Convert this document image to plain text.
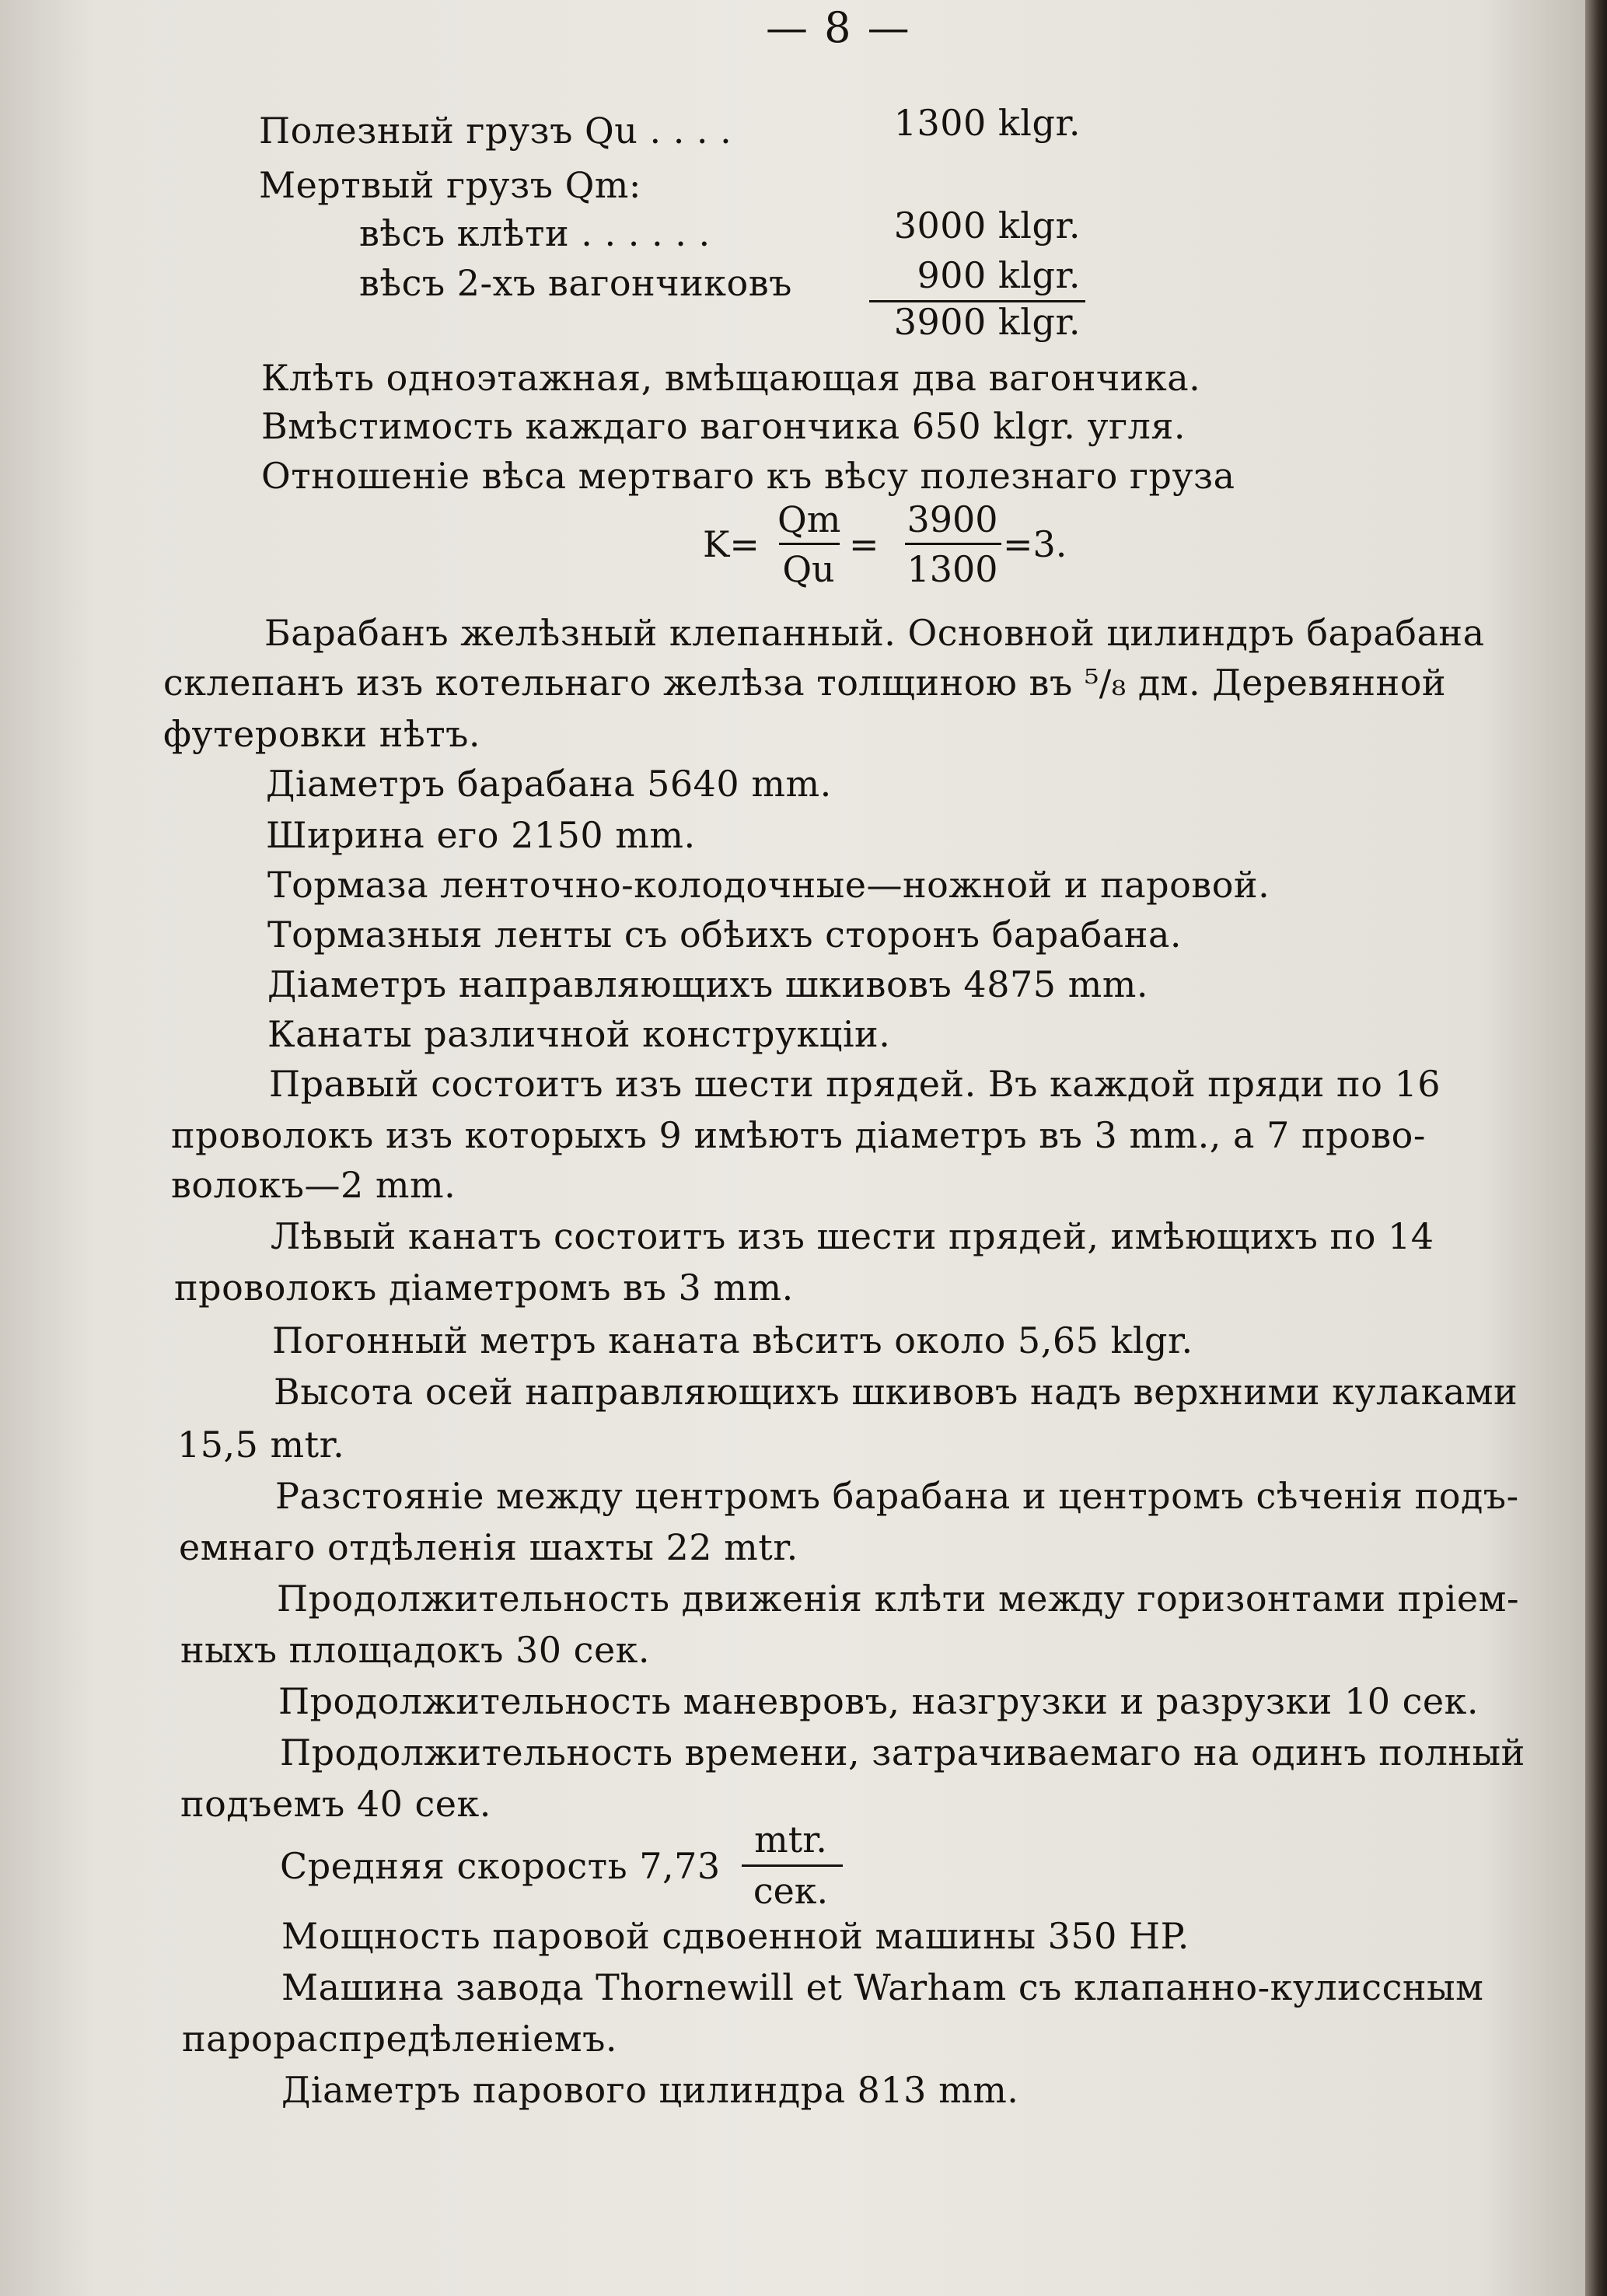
— 8 —
Полезный грузъ Qu . . . .	1300 klgr.
Мертвый грузъ Qm:
вѣсъ клѣти . . . . . .	3000 klgr.
вѣсъ 2-хъ вагончиковъ	900 klgr.
3900 klgr.
Клѣть одноэтажная, вмѣщающая два вагончика.
Вмѣстимость каждаго вагончика 650 klgr. угля.
Отношеніе вѣса мертваго къ вѣсу полезнаго груза
K=
Qm
Qu
=
3900
1300
=3.
Барабанъ желѣзный клепанный. Основной цилиндръ барабана
склепанъ изъ котельнаго желѣза толщиною въ ⁵/₈ дм. Деревянной
футеровки нѣтъ.
Діаметръ барабана 5640 mm.
Ширина его 2150 mm.
Тормаза ленточно-колодочные—ножной и паровой.
Тормазныя ленты съ обѣихъ сторонъ барабана.
Діаметръ направляющихъ шкивовъ 4875 mm.
Канаты различной конструкціи.
Правый состоитъ изъ шести прядей. Въ каждой пряди по 16
проволокъ изъ которыхъ 9 имѣютъ діаметръ въ 3 mm., а 7 прово-
волокъ—2 mm.
Лѣвый канатъ состоитъ изъ шести прядей, имѣющихъ по 14
проволокъ діаметромъ въ 3 mm.
Погонный метръ каната вѣситъ около 5,65 klgr.
Высота осей направляющихъ шкивовъ надъ верхними кулаками
15,5 mtr.
Разстояніе между центромъ барабана и центромъ сѣченія подъ-
емнаго отдѣленія шахты 22 mtr.
Продолжительность движенія клѣти между горизонтами пріем-
ныхъ площадокъ 30 сек.
Продолжительность маневровъ, назгрузки и разрузки 10 сек.
Продолжительность времени, затрачиваемаго на одинъ полный
подъемъ 40 сек.
Средняя скорость 7,73
mtr.
сек.
Мощность паровой сдвоенной машины 350 HP.
Машина завода Thornewill et Warham съ клапанно-кулиссным
парораспредѣленіемъ.
Діаметръ парового цилиндра 813 mm.
